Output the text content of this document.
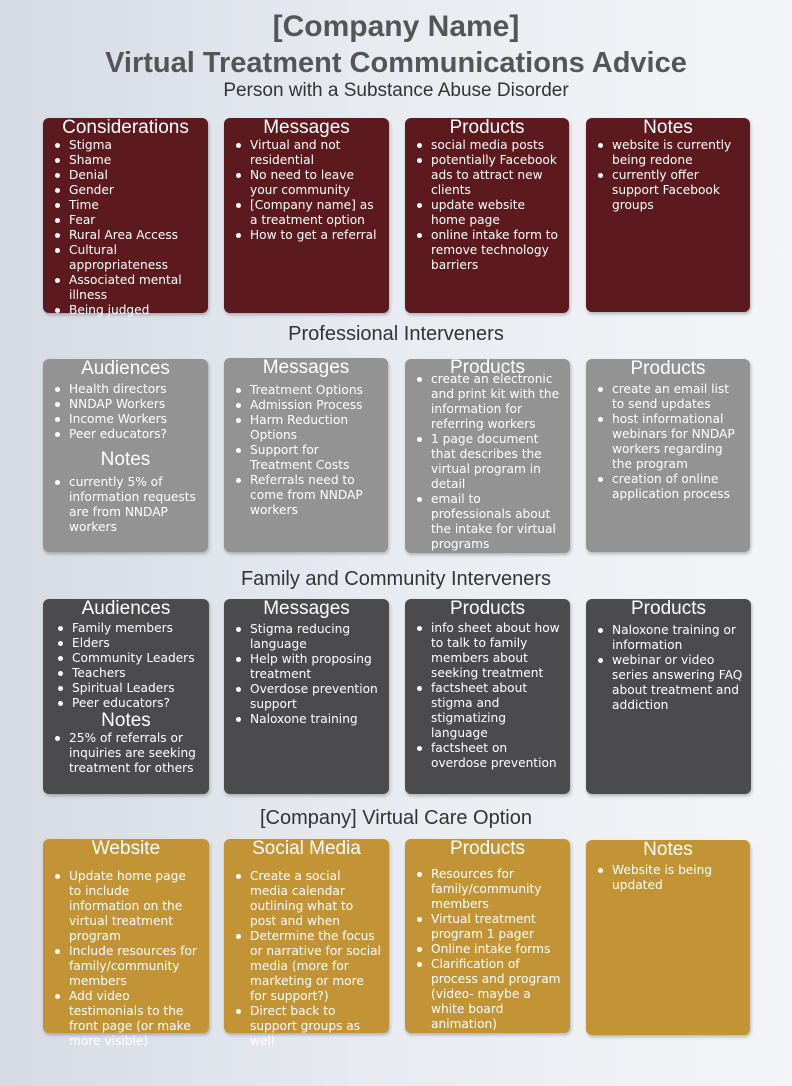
[Company Name]
Virtual Treatment Communications Advice
Person with a Substance Abuse Disorder
Considerations
Stigma
Shame
Denial
Gender
Time
Fear
Rural Area Access
Cultural appropriateness
Associated mental illness
Being judged
Messages
Virtual and not residential
No need to leave your community
[Company name] as a treatment option
How to get a referral
Products
social media posts
potentially Facebook ads to attract new clients
update website home page
online intake form to remove technology barriers
Notes
website is currently being redone
currently offer support Facebook groups
Professional Interveners
Audiences
Health directors
NNDAP Workers
Income Workers
Peer educators?
Notes
currently 5% of information requests are from NNDAP workers
Messages
Treatment Options
Admission Process
Harm Reduction Options
Support for Treatment Costs
Referrals need to come from NNDAP workers
Products
create an electronic and print kit with the information for referring workers
1 page document that describes the virtual program in detail
email to professionals about the intake for virtual programs
Products
create an email list to send updates
host informational webinars for NNDAP workers regarding the program
creation of online application process
Family and Community Interveners
Audiences
Family members
Elders
Community Leaders
Teachers
Spiritual Leaders
Peer educators?
Notes
25% of referrals or inquiries are seeking treatment for others
Messages
Stigma reducing language
Help with proposing treatment
Overdose prevention support
Naloxone training
Products
info sheet about how to talk to family members about seeking treatment
factsheet about stigma and stigmatizing language
factsheet on overdose prevention
Products
Naloxone training or information
webinar or video series answering FAQ about treatment and addiction
[Company] Virtual Care Option
Website
Update home page to include information on the virtual treatment program
Include resources for family/community members
Add video testimonials to the front page (or make more visible)
Social Media
Create a social media calendar outlining what to post and when
Determine the focus or narrative for social media (more for marketing or more for support?)
Direct back to support groups as well
Products
Resources for family/community members
Virtual treatment program 1 pager
Online intake forms
Clarification of process and program (video- maybe a white board animation)
Notes
Website is being updated
